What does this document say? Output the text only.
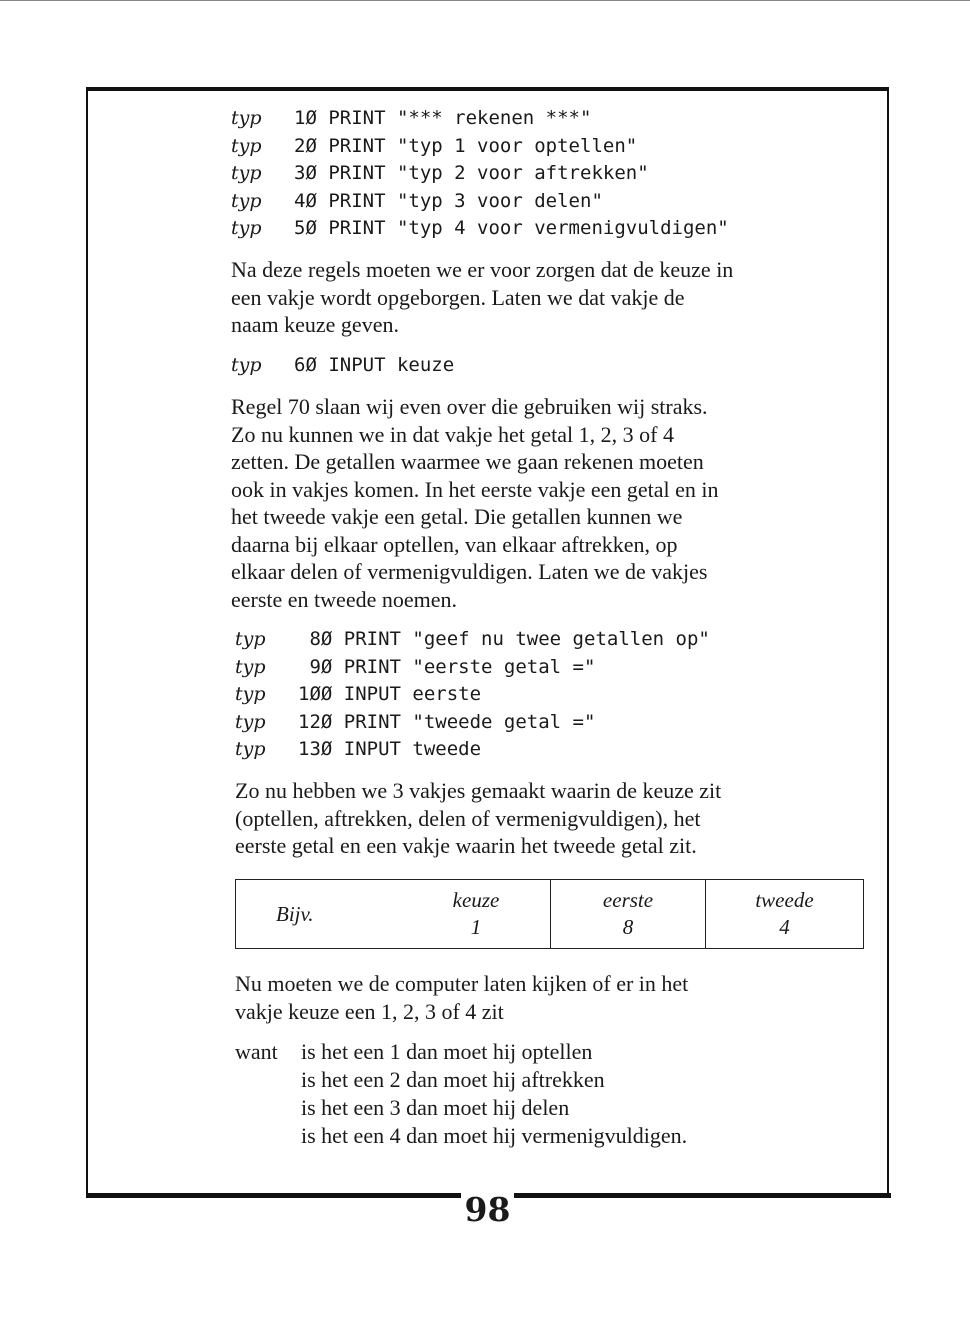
typ 1Ø PRINT "*** rekenen ***"
typ 2Ø PRINT "typ 1 voor optellen"
typ 3Ø PRINT "typ 2 voor aftrekken"
typ 4Ø PRINT "typ 3 voor delen"
typ 5Ø PRINT "typ 4 voor vermenigvuldigen"
Na deze regels moeten we er voor zorgen dat de keuze in
een vakje wordt opgeborgen. Laten we dat vakje de
naam keuze geven.
typ 6Ø INPUT keuze
Regel 70 slaan wij even over die gebruiken wij straks.
Zo nu kunnen we in dat vakje het getal 1, 2, 3 of 4
zetten. De getallen waarmee we gaan rekenen moeten
ook in vakjes komen. In het eerste vakje een getal en in
het tweede vakje een getal. Die getallen kunnen we
daarna bij elkaar optellen, van elkaar aftrekken, op
elkaar delen of vermenigvuldigen. Laten we de vakjes
eerste en tweede noemen.
typ 8Ø PRINT "geef nu twee getallen op"
typ 9Ø PRINT "eerste getal ="
typ 1ØØ INPUT eerste
typ 12Ø PRINT "tweede getal ="
typ 13Ø INPUT tweede
Zo nu hebben we 3 vakjes gemaakt waarin de keuze zit
(optellen, aftrekken, delen of vermenigvuldigen), het
eerste getal en een vakje waarin het tweede getal zit.
Bijv.
keuze
1
eerste
8
tweede
4
Nu moeten we de computer laten kijken of er in het
vakje keuze een 1, 2, 3 of 4 zit
want is het een 1 dan moet hij optellen
is het een 2 dan moet hij aftrekken
is het een 3 dan moet hij delen
is het een 4 dan moet hij vermenigvuldigen.
98
